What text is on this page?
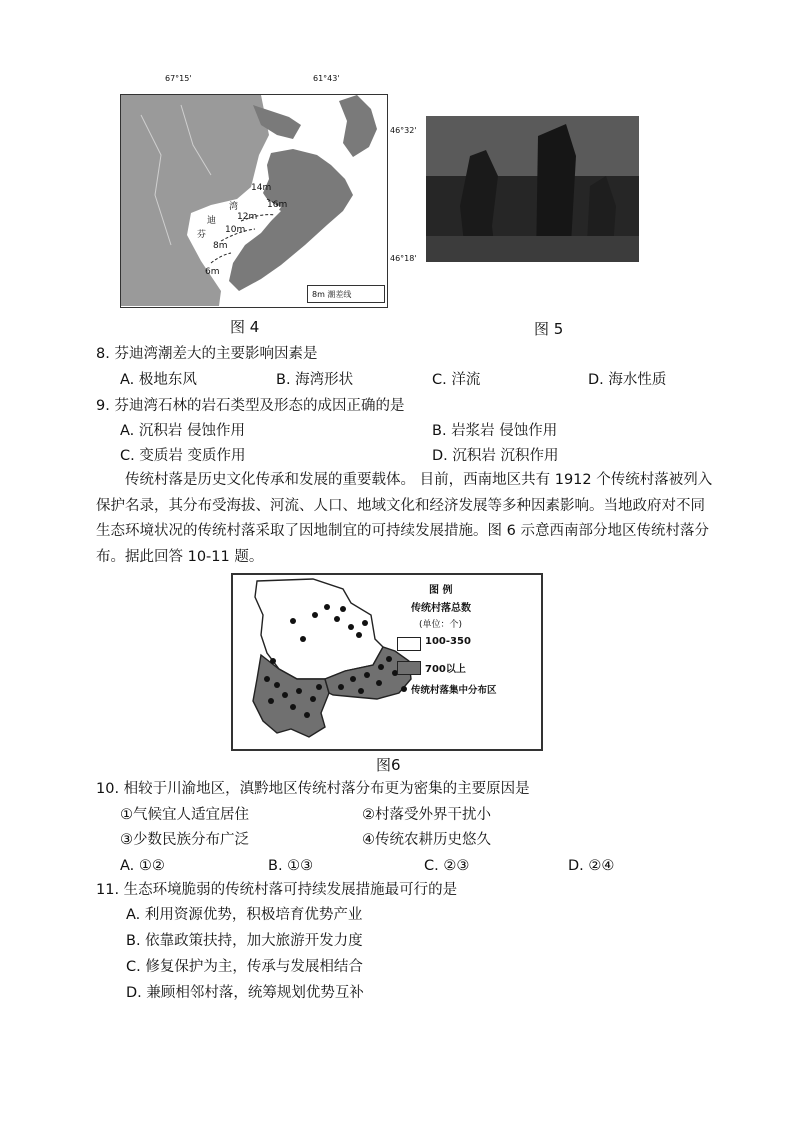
67°15'	61°43'
14m
16m
12m
10m
8m
6m
迪
湾
芬
8m 潮差线
46°32'
46°18'
图 4	图 5
8. 芬迪湾潮差大的主要影响因素是
A. 极地东风	B. 海湾形状	C. 洋流	D. 海水性质
9. 芬迪湾石林的岩石类型及形态的成因正确的是
A. 沉积岩 侵蚀作用	B. 岩浆岩 侵蚀作用
C. 变质岩 变质作用	D. 沉积岩 沉积作用
传统村落是历史文化传承和发展的重要载体。 目前，西南地区共有 1912 个传统村落被列入保护名录，其分布受海拔、河流、人口、地域文化和经济发展等多种因素影响。当地政府对不同生态环境状况的传统村落采取了因地制宜的可持续发展措施。图 6 示意西南部分地区传统村落分布。据此回答 10-11 题。
图 例
传统村落总数
(单位：个)
100-350
700以上
传统村落集中分布区
图6
10. 相较于川渝地区，滇黔地区传统村落分布更为密集的主要原因是
①气候宜人适宜居住	②村落受外界干扰小
③少数民族分布广泛	④传统农耕历史悠久
A. ①②	B. ①③	C. ②③	D. ②④
11. 生态环境脆弱的传统村落可持续发展措施最可行的是
A. 利用资源优势，积极培育优势产业
B. 依靠政策扶持，加大旅游开发力度
C. 修复保护为主，传承与发展相结合
D. 兼顾相邻村落，统筹规划优势互补
